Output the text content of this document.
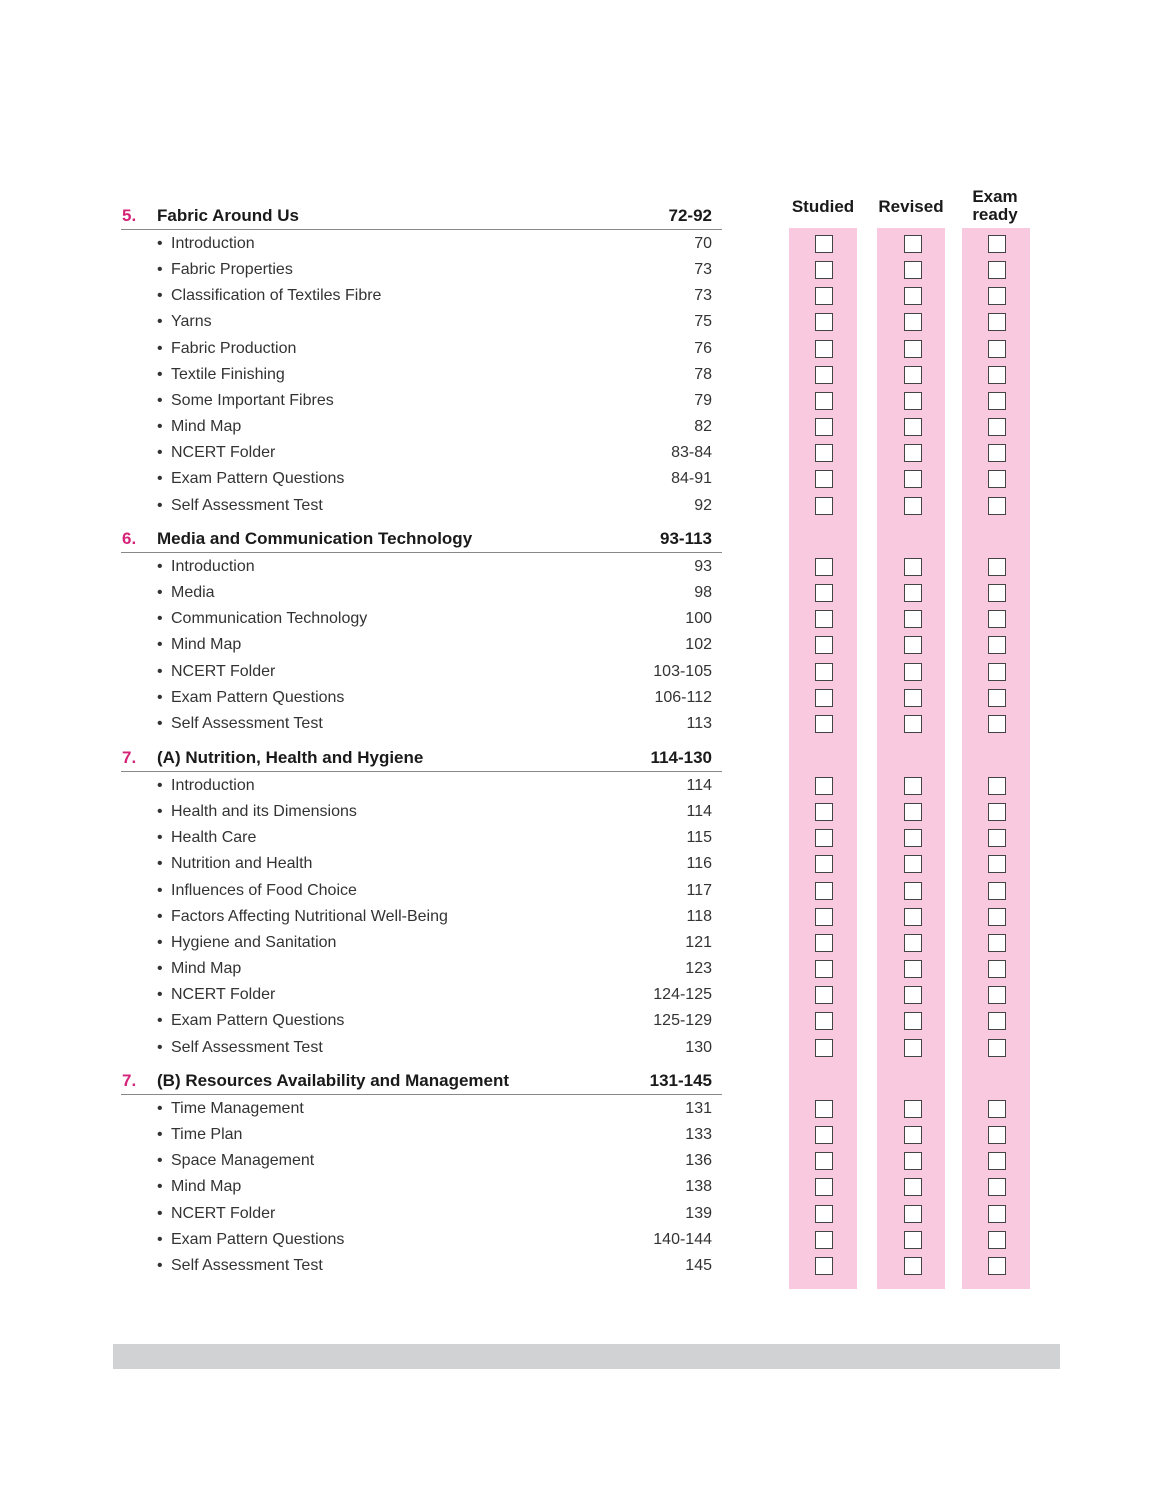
Studied	Revised
Exam
ready
5. Fabric Around Us	72-92
• Introduction	70
• Fabric Properties	73
• Classification of Textiles Fibre	73
• Yarns	75
• Fabric Production	76
• Textile Finishing	78
• Some Important Fibres	79
• Mind Map	82
• NCERT Folder	83-84
• Exam Pattern Questions	84-91
• Self Assessment Test	92
6. Media and Communication Technology	93-113
• Introduction	93
• Media	98
• Communication Technology	100
• Mind Map	102
• NCERT Folder	103-105
• Exam Pattern Questions	106-112
• Self Assessment Test	113
7. (A) Nutrition, Health and Hygiene	114-130
• Introduction	114
• Health and its Dimensions	114
• Health Care	115
• Nutrition and Health	116
• Influences of Food Choice	117
• Factors Affecting Nutritional Well-Being	118
• Hygiene and Sanitation	121
• Mind Map	123
• NCERT Folder	124-125
• Exam Pattern Questions	125-129
• Self Assessment Test	130
7. (B) Resources Availability and Management	131-145
• Time Management	131
• Time Plan	133
• Space Management	136
• Mind Map	138
• NCERT Folder	139
• Exam Pattern Questions	140-144
• Self Assessment Test	145
